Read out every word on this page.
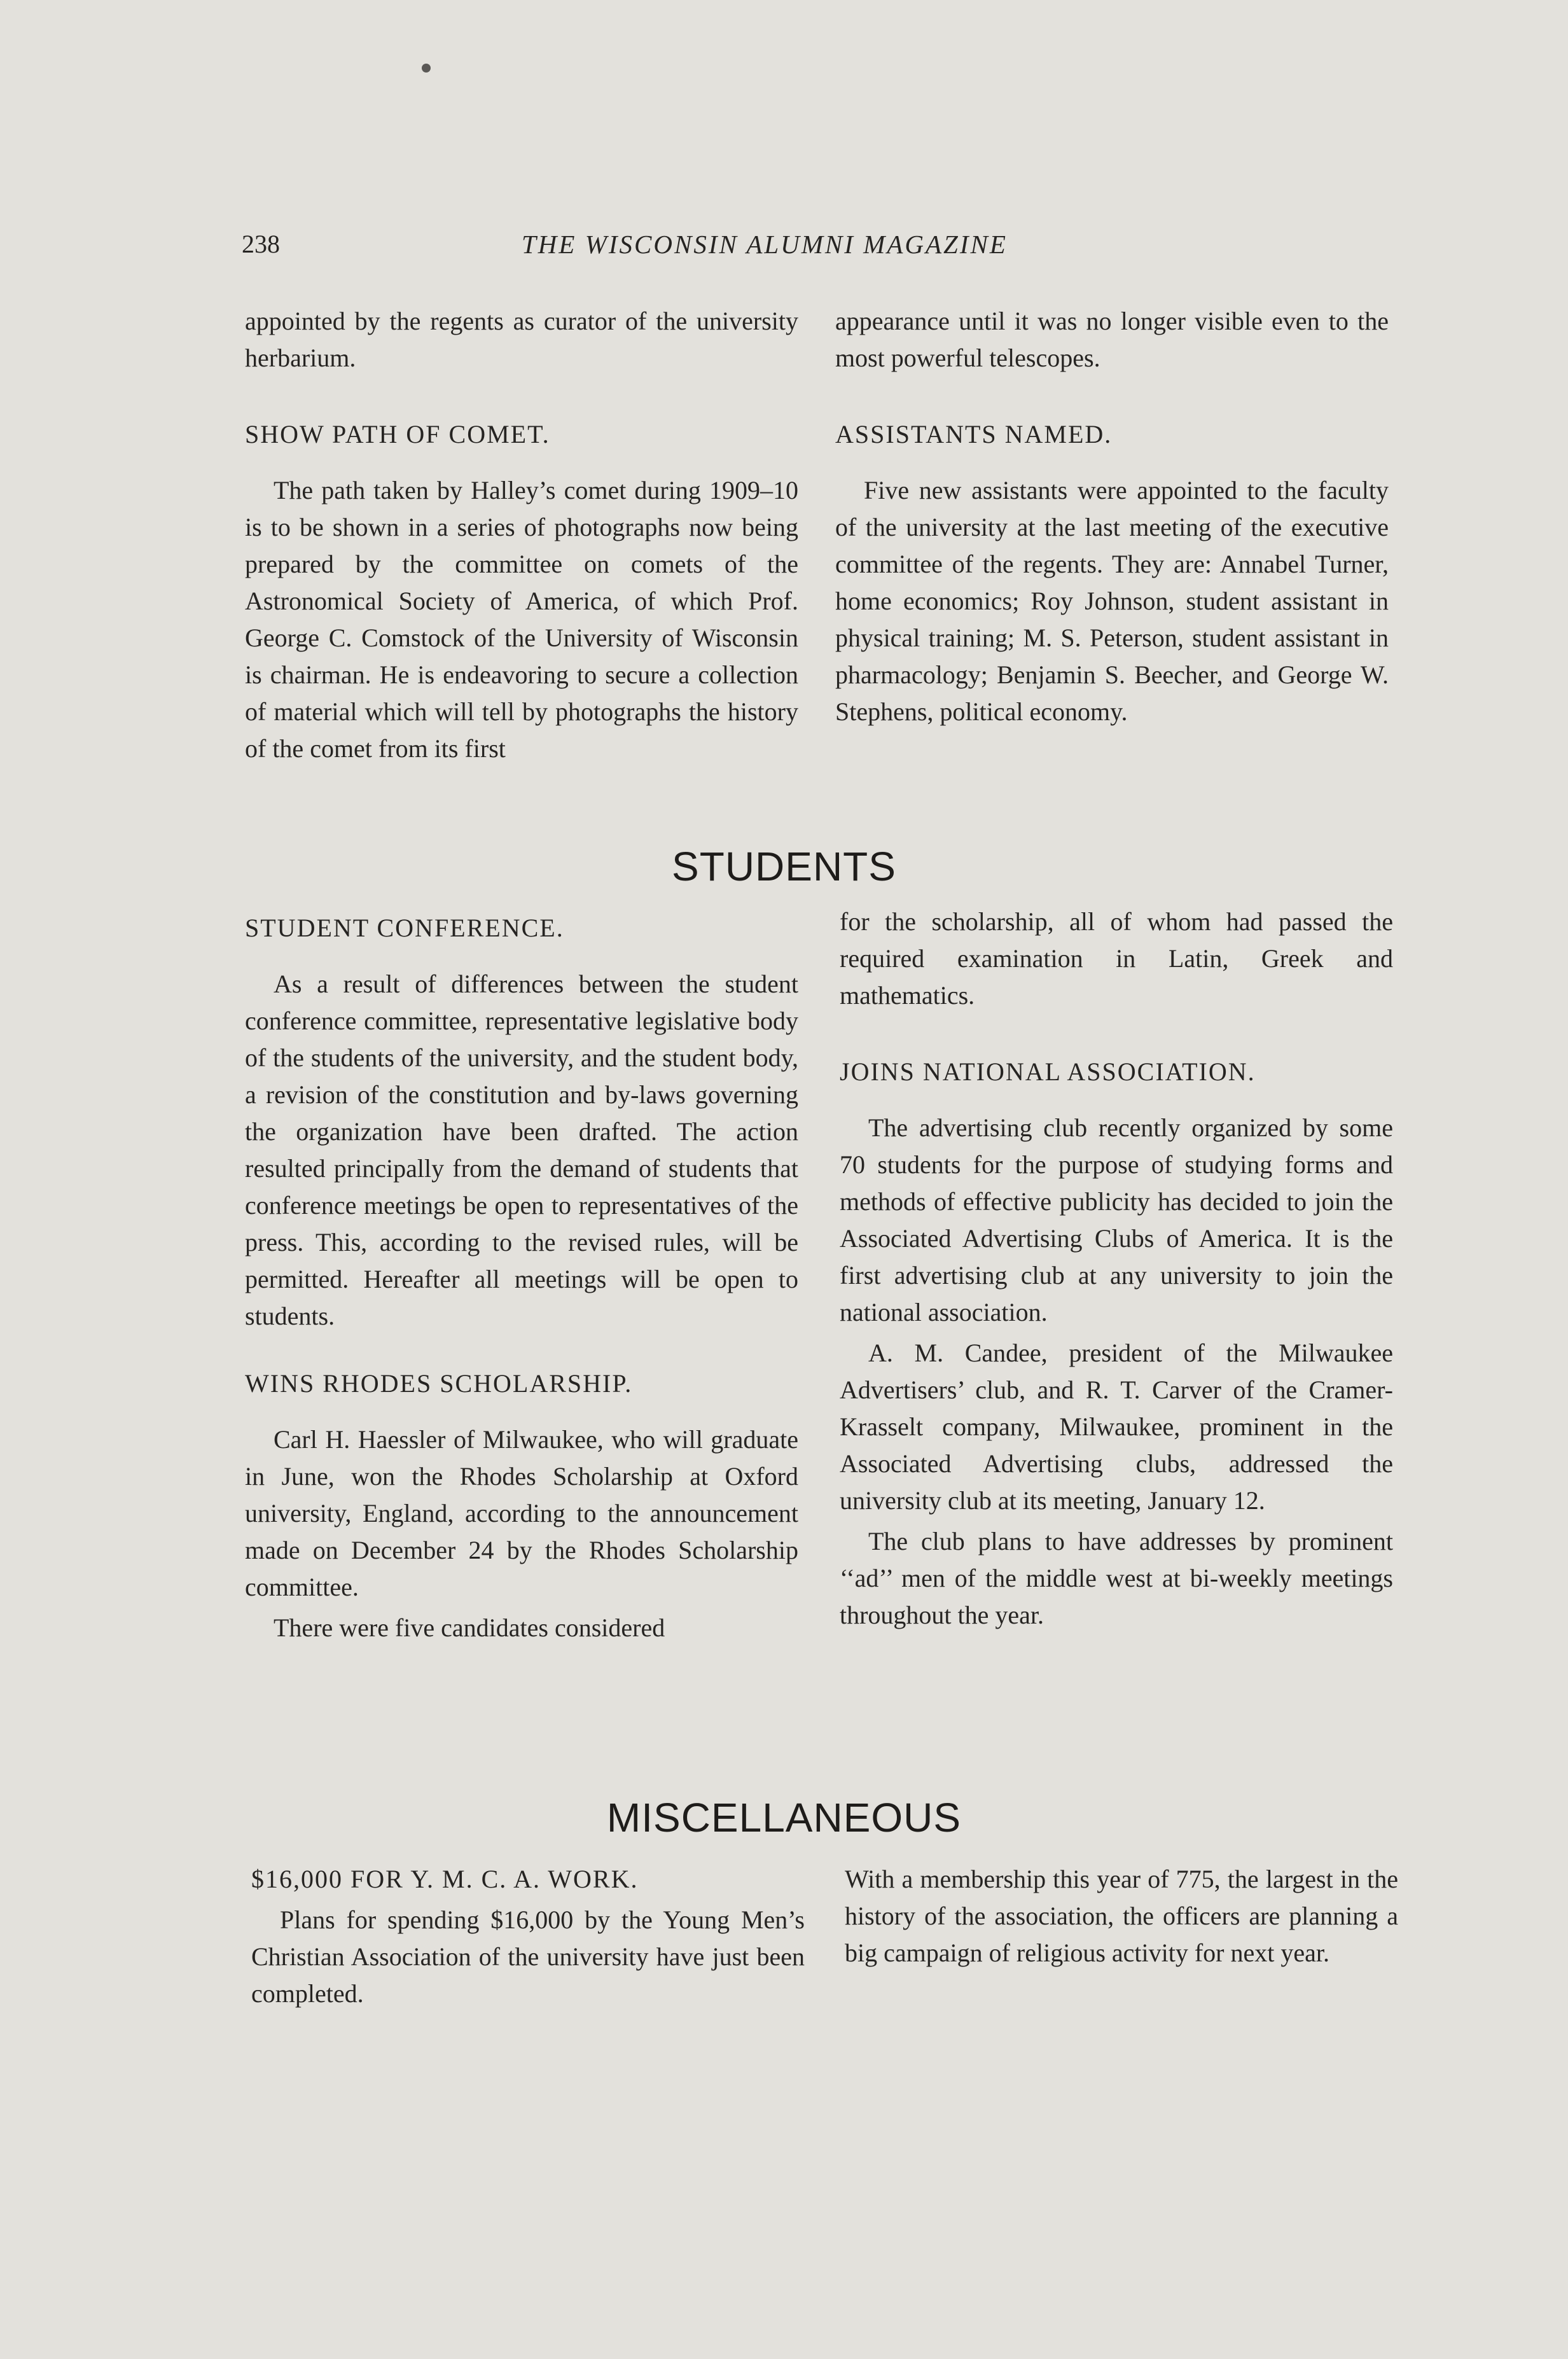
238	THE WISCONSIN ALUMNI MAGAZINE

appointed by the regents as curator of the university herbarium.

SHOW PATH OF COMET.

The path taken by Halley’s comet during 1909–10 is to be shown in a series of photographs now being prepared by the committee on comets of the Astronomical Society of America, of which Prof. George C. Comstock of the University of Wisconsin is chairman. He is endeavoring to secure a collection of material which will tell by photographs the history of the comet from its first

appearance until it was no longer visible even to the most powerful telescopes.

ASSISTANTS NAMED.

Five new assistants were appointed to the faculty of the university at the last meeting of the executive committee of the regents. They are: Annabel Turner, home economics; Roy Johnson, student assistant in physical training; M. S. Peterson, student assistant in pharmacology; Benjamin S. Beecher, and George W. Stephens, political economy.

STUDENTS

STUDENT CONFERENCE.

As a result of differences between the student conference committee, representative legislative body of the students of the university, and the student body, a revision of the constitution and by-laws governing the organization have been drafted. The action resulted principally from the demand of students that conference meetings be open to representatives of the press. This, according to the revised rules, will be permitted. Hereafter all meetings will be open to students.

WINS RHODES SCHOLARSHIP.

Carl H. Haessler of Milwaukee, who will graduate in June, won the Rhodes Scholarship at Oxford university, England, according to the announcement made on December 24 by the Rhodes Scholarship committee.

There were five candidates considered

for the scholarship, all of whom had passed the required examination in Latin, Greek and mathematics.

JOINS NATIONAL ASSOCIATION.

The advertising club recently organized by some 70 students for the purpose of studying forms and methods of effective publicity has decided to join the Associated Advertising Clubs of America. It is the first advertising club at any university to join the national association.

A. M. Candee, president of the Milwaukee Advertisers’ club, and R. T. Carver of the Cramer-Krasselt company, Milwaukee, prominent in the Associated Advertising clubs, addressed the university club at its meeting, January 12.

The club plans to have addresses by prominent ‘‘ad’’ men of the middle west at bi-weekly meetings throughout the year.

MISCELLANEOUS

$16,000 FOR Y. M. C. A. WORK.

Plans for spending $16,000 by the Young Men’s Christian Association of the university have just been completed.

With a membership this year of 775, the largest in the history of the association, the officers are planning a big campaign of religious activity for next year.
